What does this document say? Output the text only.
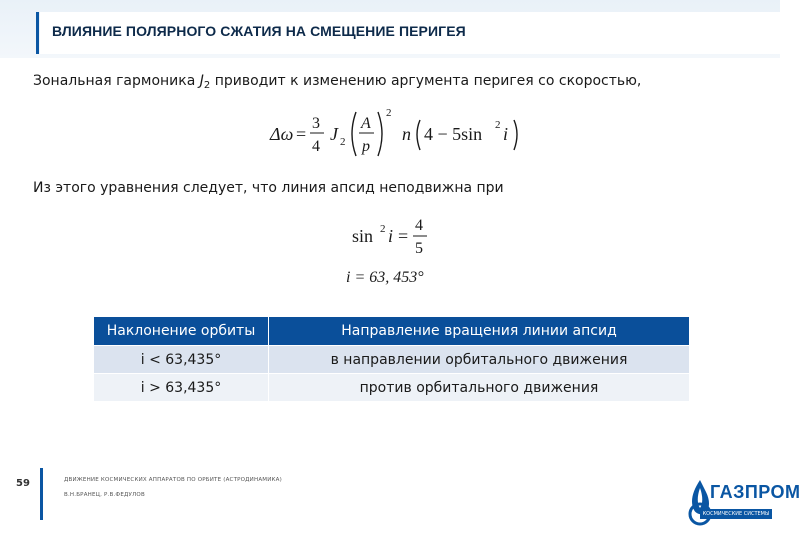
ВЛИЯНИЕ ПОЛЯРНОГО СЖАТИЯ НА СМЕЩЕНИЕ ПЕРИГЕЯ
Зональная гармоника $J_2$ приводит к изменению аргумента перигея со скоростью,
Δω =
3
4
J 2
A
p
2
n 4 − 5sin 2 i
Из этого уравнения следует, что линия апсид неподвижна при
sin 2 i =
4
5
i = 63, 453°
Наклонение орбиты	Направление вращения линии апсид
i < 63,435°	в направлении орбитального движения
i > 63,435°	против орбитального движения
59	ДВИЖЕНИЕ КОСМИЧЕСКИХ АППАРАТОВ ПО ОРБИТЕ (АСТРОДИНАМИКА)
В.Н.БРАНЕЦ, Р.В.ФЕДУЛОВ	ГАЗПРОМ
КОСМИЧЕСКИЕ СИСТЕМЫ
